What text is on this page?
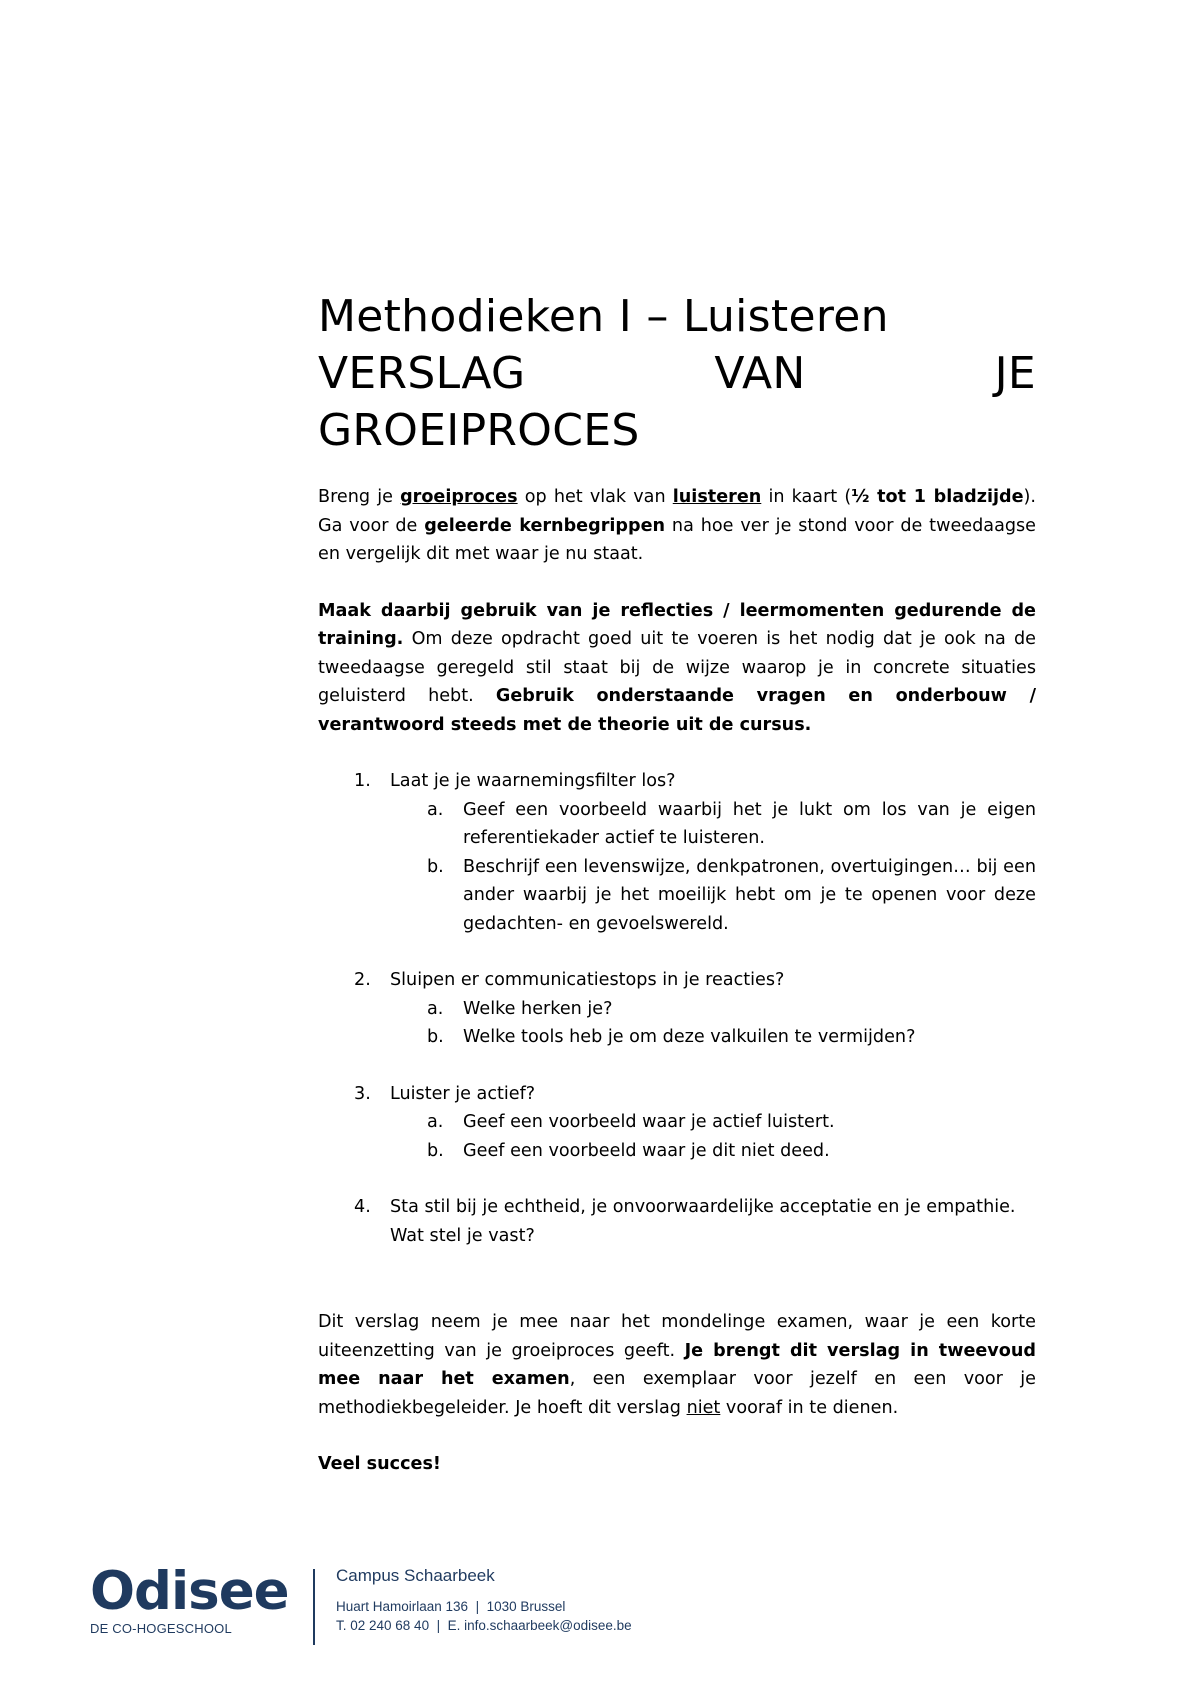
Methodieken I – Luisteren
VERSLAG	VAN	JE
GROEIPROCES

Breng je groeiproces op het vlak van luisteren in kaart (½ tot 1 bladzijde). Ga voor de geleerde kernbegrippen na hoe ver je stond voor de tweedaagse en vergelijk dit met waar je nu staat.

Maak daarbij gebruik van je reflecties / leermomenten gedurende de training. Om deze opdracht goed uit te voeren is het nodig dat je ook na de tweedaagse geregeld stil staat bij de wijze waarop je in concrete situaties geluisterd hebt. Gebruik onderstaande vragen en onderbouw / verantwoord steeds met de theorie uit de cursus.

1.	Laat je je waarnemingsfilter los?
a.	Geef een voorbeeld waarbij het je lukt om los van je eigen referentiekader actief te luisteren.
b.	Beschrijf een levenswijze, denkpatronen, overtuigingen… bij een ander waarbij je het moeilijk hebt om je te openen voor deze gedachten- en gevoelswereld.
2.	Sluipen er communicatiestops in je reacties?
a.	Welke herken je?
b.	Welke tools heb je om deze valkuilen te vermijden?
3.	Luister je actief?
a.	Geef een voorbeeld waar je actief luistert.
b.	Geef een voorbeeld waar je dit niet deed.
4.	Sta stil bij je echtheid, je onvoorwaardelijke acceptatie en je empathie. Wat stel je vast?

Dit verslag neem je mee naar het mondelinge examen, waar je een korte uiteenzetting van je groeiproces geeft. Je brengt dit verslag in tweevoud mee naar het examen, een exemplaar voor jezelf en een voor je methodiekbegeleider. Je hoeft dit verslag niet vooraf in te dienen.

Veel succes!

Odisee
DE CO-HOGESCHOOL
Campus Schaarbeek
Huart Hamoirlaan 136  |  1030 Brussel
T. 02 240 68 40  |  E. info.schaarbeek@odisee.be
